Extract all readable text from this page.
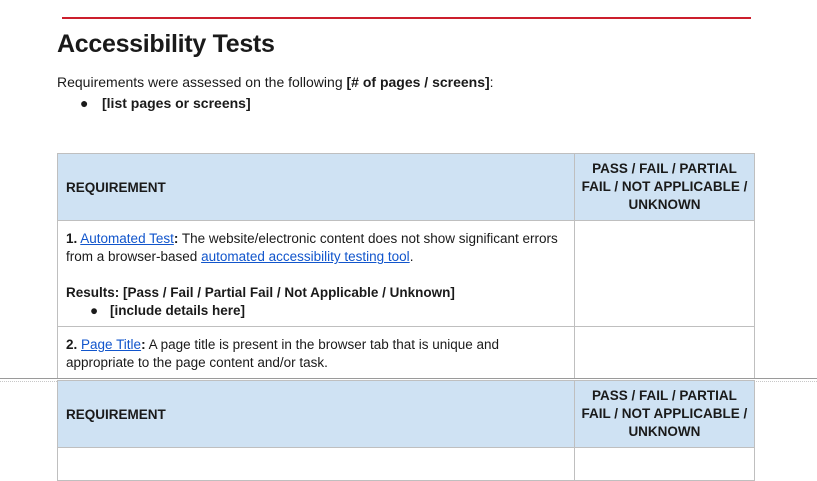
Accessibility Tests
Requirements were assessed on the following [# of pages / screens]:
● [list pages or screens]
REQUIREMENT	PASS / FAIL / PARTIAL FAIL / NOT APPLICABLE / UNKNOWN

1. Automated Test: The website/electronic content does not show significant errors from a browser-based automated accessibility testing tool.
Results: [Pass / Fail / Partial Fail / Not Applicable / Unknown]
● [include details here]	

2. Page Title: A page title is present in the browser tab that is unique and appropriate to the page content and/or task.	

REQUIREMENT	PASS / FAIL / PARTIAL FAIL / NOT APPLICABLE / UNKNOWN
